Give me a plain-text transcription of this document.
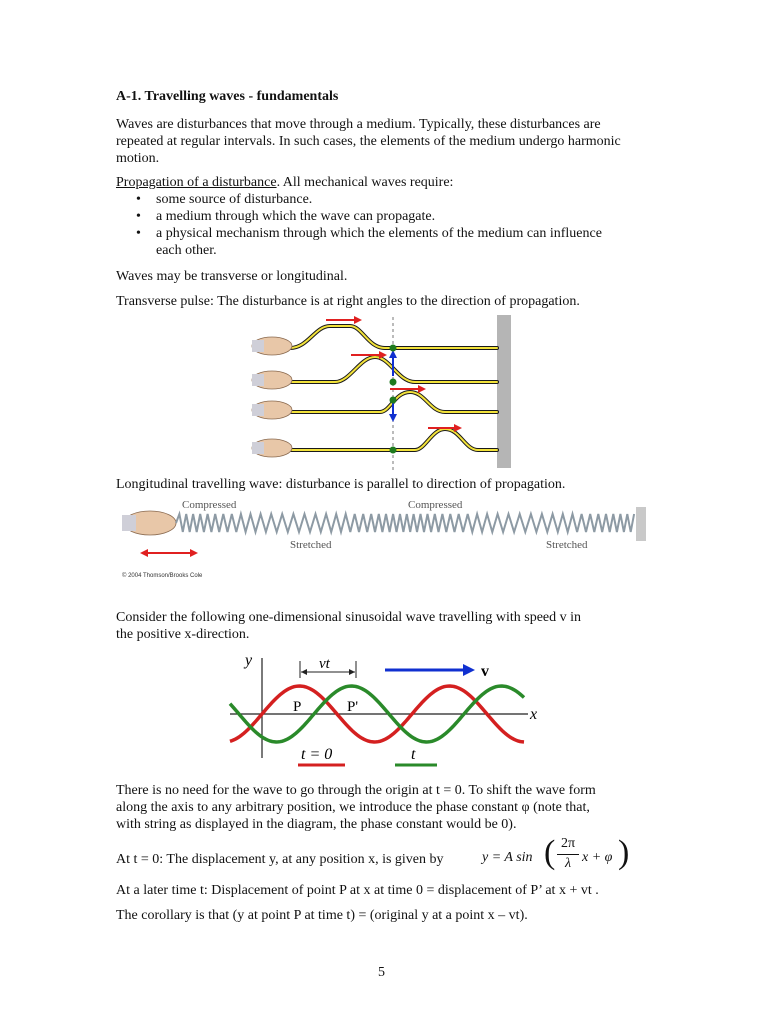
A-1. Travelling waves - fundamentals
Waves are disturbances that move through a medium. Typically, these disturbances are repeated at regular intervals. In such cases, the elements of the medium undergo harmonic motion.
Propagation of a disturbance. All mechanical waves require:
• some source of disturbance.
• a medium through which the wave can propagate.
• a physical mechanism through which the elements of the medium can influence each other.
Waves may be transverse or longitudinal.
Transverse pulse: The disturbance is at right angles to the direction of propagation.
Longitudinal travelling wave: disturbance is parallel to direction of propagation.
Compressed	Compressed
Stretched	Stretched
© 2004 Thomson/Brooks Cole
Consider the following one-dimensional sinusoidal wave travelling with speed v in
the positive x-direction.
y
x
vt	v
P	P'
t = 0	t
There is no need for the wave to go through the origin at t = 0. To shift the wave form
along the axis to any arbitrary position, we introduce the phase constant φ (note that,
with string as displayed in the diagram, the phase constant would be 0).
At t = 0: The displacement y, at any position x, is given by	y = A sin ( 2π
λ x + φ )
At a later time t: Displacement of point P at x at time 0 = displacement of P’ at x + vt .
The corollary is that (y at point P at time t) = (original y at a point x – vt).
5
